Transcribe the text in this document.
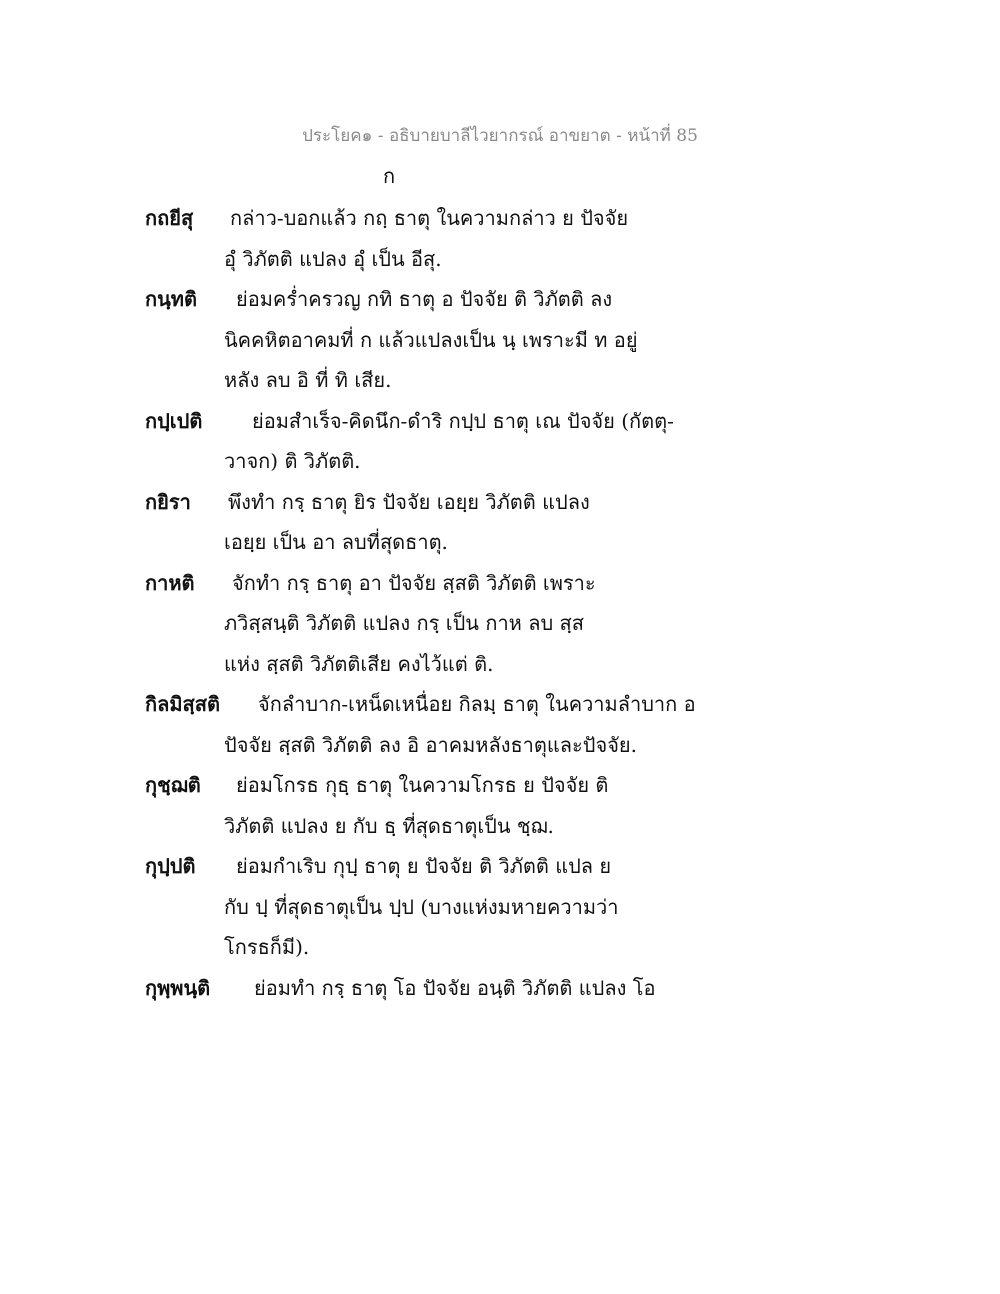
ประโยค๑ - อธิบายบาลีไวยากรณ์ อาขยาต - หน้าที่ 85
ก
กถยีสุ กล่าว-บอกแล้ว กถฺ ธาตุ ในความกล่าว ย ปัจจัย
อุํ วิภัตติ แปลง อุํ เป็น อีสุ.
กนฺทติ ย่อมคร่ำครวญ กทิ ธาตุ อ ปัจจัย ติ วิภัตติ ลง
นิคคหิตอาคมที่ ก แล้วแปลงเป็น นฺ เพราะมี ท อยู่
หลัง ลบ อิ ที่ ทิ เสีย.
กปฺเปติ ย่อมสำเร็จ-คิดนึก-ดำริ กปฺป ธาตุ เณ ปัจจัย (กัตตุ-
วาจก) ติ วิภัตติ.
กยิรา พึงทำ กรฺ ธาตุ ยิร ปัจจัย เอยฺย วิภัตติ แปลง
เอยฺย เป็น อา ลบที่สุดธาตุ.
กาหติ จักทำ กรฺ ธาตุ อา ปัจจัย สฺสติ วิภัตติ เพราะ
ภวิสฺสนฺติ วิภัตติ แปลง กรฺ เป็น กาห ลบ สฺส
แห่ง สฺสติ วิภัตติเสีย คงไว้แต่ ติ.
กิลมิสฺสติ จักลำบาก-เหน็ดเหนื่อย กิลมฺ ธาตุ ในความลำบาก อ
ปัจจัย สฺสติ วิภัตติ ลง อิ อาคมหลังธาตุและปัจจัย.
กุชฺฌติ ย่อมโกรธ กุธฺ ธาตุ ในความโกรธ ย ปัจจัย ติ
วิภัตติ แปลง ย กับ ธฺ ที่สุดธาตุเป็น ชฺฌ.
กุปฺปติ ย่อมกำเริบ กุปฺ ธาตุ ย ปัจจัย ติ วิภัตติ แปล ย
กับ ปฺ ที่สุดธาตุเป็น ปฺป (บางแห่งมหายความว่า
โกรธก็มี).
กุพฺพนฺติ ย่อมทำ กรฺ ธาตุ โอ ปัจจัย อนฺติ วิภัตติ แปลง โอ
